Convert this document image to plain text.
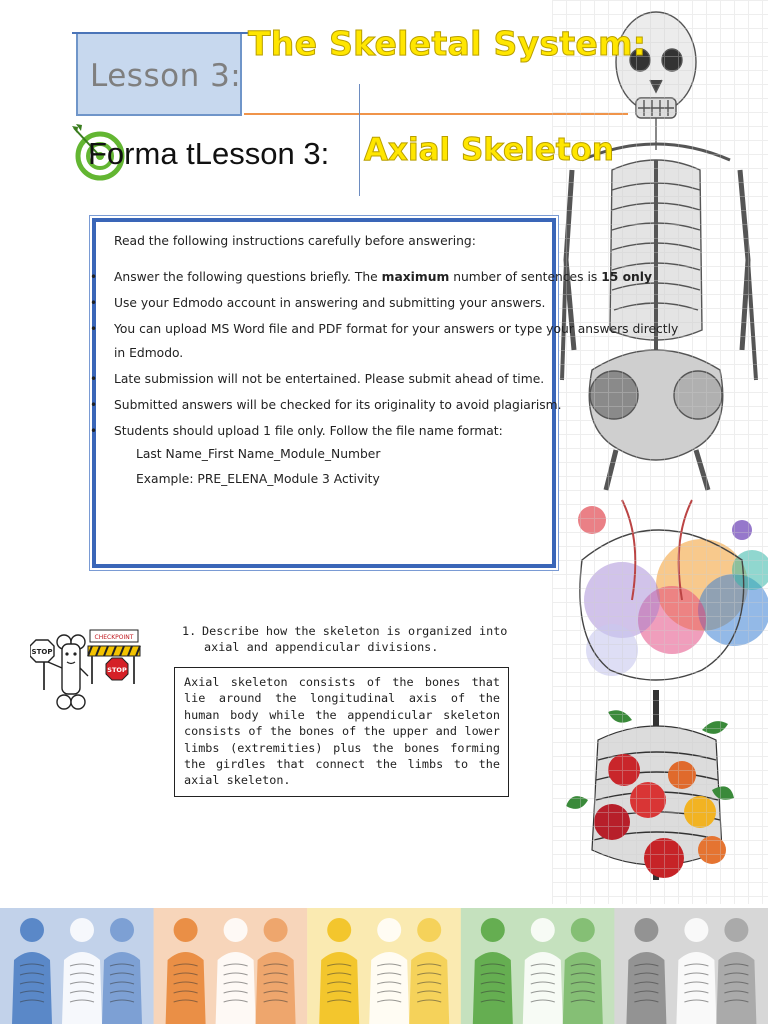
Lesson 3:
The Skeletal System:
Forma tLesson 3: Axial Skeleton
Read the following instructions carefully before answering:
• Answer the following questions briefly. The maximum number of sentences is 15 only
• Use your Edmodo account in answering and submitting your answers.
• You can upload MS Word file and PDF format for your answers or type your answers directly
in Edmodo.
• Late submission will not be entertained. Please submit ahead of time.
• Submitted answers will be checked for its originality to avoid plagiarism.
• Students should upload 1 file only. Follow the file name format:
Last Name_First Name_Module_Number
Example: PRE_ELENA_Module 3 Activity
STOP
CHECKPOINT
STOP
1. Describe how the skeleton is organized into
axial and appendicular divisions.
Axial skeleton consists of the bones that lie around the longitudinal axis of the human body while the appendicular skeleton consists of the bones of the upper and lower limbs (extremities) plus the bones forming the girdles that connect the limbs to the axial skeleton.
